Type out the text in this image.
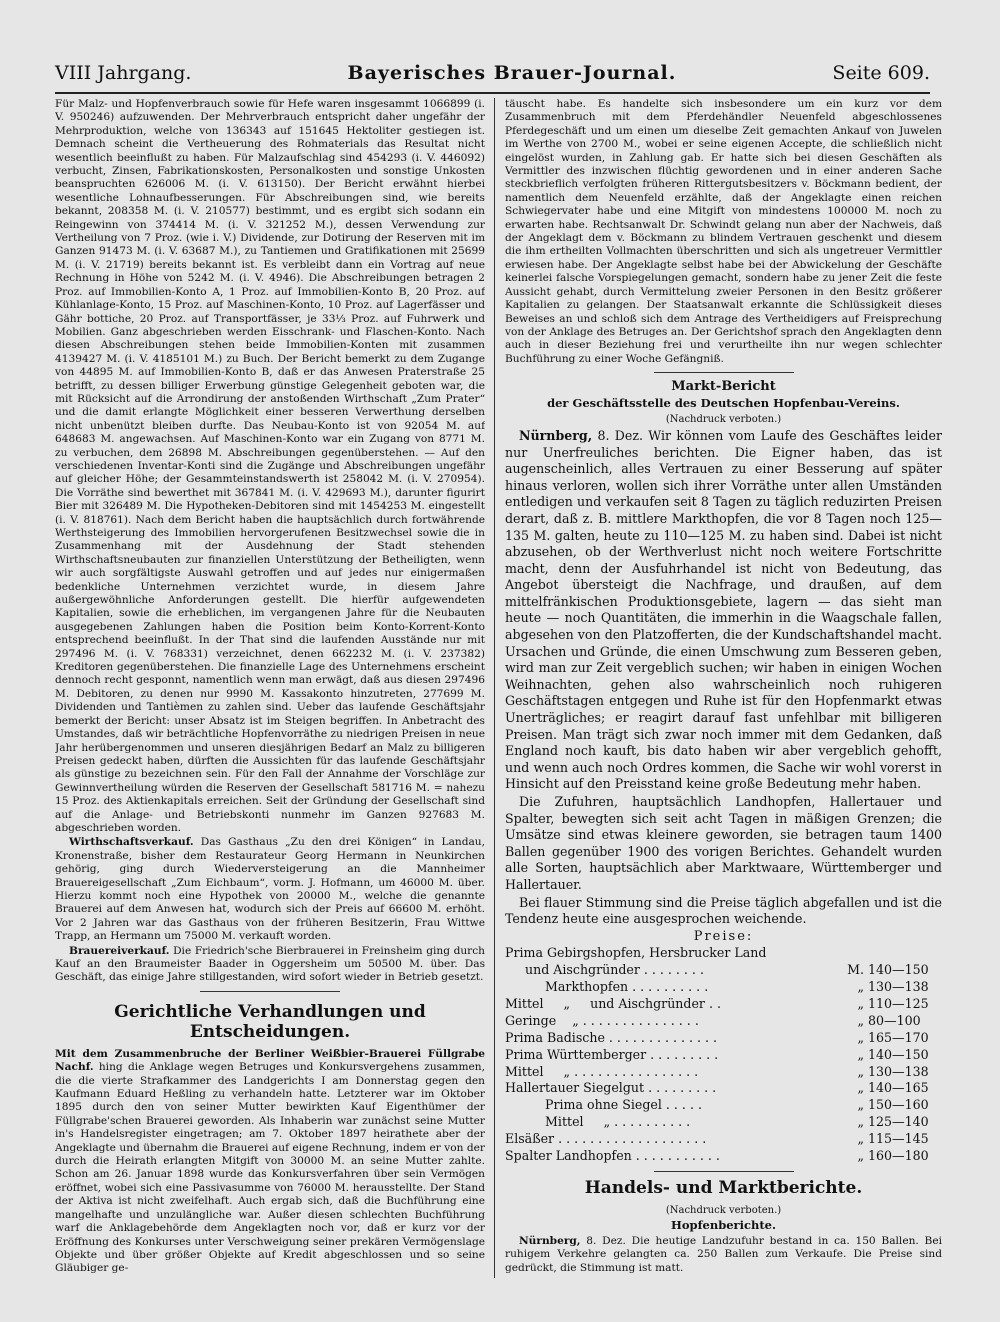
VIII Jahrgang.	Bayerisches Brauer-Journal.	Seite 609.

Für Malz- und Hopfenverbrauch sowie für Hefe waren insgesammt 1066899 (i. V. 950246) aufzuwenden. Der Mehrverbrauch entspricht daher ungefähr der Mehrproduktion, welche von 136343 auf 151645 Hektoliter gestiegen ist. Demnach scheint die Vertheuerung des Rohmaterials das Resultat nicht wesentlich beeinflußt zu haben. Für Malzaufschlag sind 454293 (i. V. 446092) verbucht, Zinsen, Fabrikationskosten, Personalkosten und sonstige Unkosten beanspruchten 626006 M. (i. V. 613150). Der Bericht erwähnt hierbei wesentliche Lohnaufbesserungen. Für Abschreibungen sind, wie bereits bekannt, 208358 M. (i. V. 210577) bestimmt, und es ergibt sich sodann ein Reingewinn von 374414 M. (i. V. 321252 M.), dessen Verwendung zur Vertheilung von 7 Proz. (wie i. V.) Dividende, zur Dotirung der Reserven mit im Ganzen 91473 M. (i. V. 63687 M.), zu Tantiemen und Gratifikationen mit 25699 M. (i. V. 21719) bereits bekannt ist. Es verbleibt dann ein Vortrag auf neue Rechnung in Höhe von 5242 M. (i. V. 4946). Die Abschreibungen betragen 2 Proz. auf Immobilien-Konto A, 1 Proz. auf Immobilien-Konto B, 20 Proz. auf Kühlanlage-Konto, 15 Proz. auf Maschinen-Konto, 10 Proz. auf Lagerfässer und Gähr bottiche, 20 Proz. auf Transportfässer, je 33⅓ Proz. auf Fuhrwerk und Mobilien. Ganz abgeschrieben werden Eisschrank- und Flaschen-Konto. Nach diesen Abschreibungen stehen beide Immobilien-Konten mit zusammen 4139427 M. (i. V. 4185101 M.) zu Buch. Der Bericht bemerkt zu dem Zugange von 44895 M. auf Immobilien-Konto B, daß er das Anwesen Praterstraße 25 betrifft, zu dessen billiger Erwerbung günstige Gelegenheit geboten war, die mit Rücksicht auf die Arrondirung der anstoßenden Wirthschaft „Zum Prater“ und die damit erlangte Möglichkeit einer besseren Verwerthung derselben nicht unbenützt bleiben durfte. Das Neubau-Konto ist von 92054 M. auf 648683 M. angewachsen. Auf Maschinen-Konto war ein Zugang von 8771 M. zu verbuchen, dem 26898 M. Abschreibungen gegenüberstehen. — Auf den verschiedenen Inventar-Konti sind die Zugänge und Abschreibungen ungefähr auf gleicher Höhe; der Gesammteinstandswerth ist 258042 M. (i. V. 270954). Die Vorräthe sind bewerthet mit 367841 M. (i. V. 429693 M.), darunter figurirt Bier mit 326489 M. Die Hypotheken-Debitoren sind mit 1454253 M. eingestellt (i. V. 818761). Nach dem Bericht haben die hauptsächlich durch fortwährende Werthsteigerung des Immobilien hervorgerufenen Besitzwechsel sowie die in Zusammenhang mit der Ausdehnung der Stadt stehenden Wirthschaftsneubauten zur finanziellen Unterstützung der Betheiligten, wenn wir auch sorgfältigste Auswahl getroffen und auf jedes nur einigermaßen bedenkliche Unternehmen verzichtet wurde, in diesem Jahre außergewöhnliche Anforderungen gestellt. Die hierfür aufgewendeten Kapitalien, sowie die erheblichen, im vergangenen Jahre für die Neubauten ausgegebenen Zahlungen haben die Position beim Konto-Korrent-Konto entsprechend beeinflußt. In der That sind die laufenden Ausstände nur mit 297496 M. (i. V. 768331) verzeichnet, denen 662232 M. (i. V. 237382) Kreditoren gegenüberstehen. Die finanzielle Lage des Unternehmens erscheint dennoch recht gesponnt, namentlich wenn man erwägt, daß aus diesen 297496 M. Debitoren, zu denen nur 9990 M. Kassakonto hinzutreten, 277699 M. Dividenden und Tantièmen zu zahlen sind. Ueber das laufende Geschäftsjahr bemerkt der Bericht: unser Absatz ist im Steigen begriffen. In Anbetracht des Umstandes, daß wir beträchtliche Hopfenvorräthe zu niedrigen Preisen in neue Jahr herübergenommen und unseren diesjährigen Bedarf an Malz zu billigeren Preisen gedeckt haben, dürften die Aussichten für das laufende Geschäftsjahr als günstige zu bezeichnen sein. Für den Fall der Annahme der Vorschläge zur Gewinnvertheilung würden die Reserven der Gesellschaft 581716 M. = nahezu 15 Proz. des Aktienkapitals erreichen. Seit der Gründung der Gesellschaft sind auf die Anlage- und Betriebskonti nunmehr im Ganzen 927683 M. abgeschrieben worden.

Wirthschaftsverkauf. Das Gasthaus „Zu den drei Königen“ in Landau, Kronenstraße, bisher dem Restaurateur Georg Hermann in Neunkirchen gehörig, ging durch Wiederversteigerung an die Mannheimer Brauereigesellschaft „Zum Eichbaum“, vorm. J. Hofmann, um 46000 M. über. Hierzu kommt noch eine Hypothek von 20000 M., welche die genannte Brauerei auf dem Anwesen hat, wodurch sich der Preis auf 66600 M. erhöht. Vor 2 Jahren war das Gasthaus von der früheren Besitzerin, Frau Wittwe Trapp, an Hermann um 75000 M. verkauft worden.

Brauereiverkauf. Die Friedrich'sche Bierbrauerei in Freinsheim ging durch Kauf an den Braumeister Baader in Oggersheim um 50500 M. über. Das Geschäft, das einige Jahre stillgestanden, wird sofort wieder in Betrieb gesetzt.

Gerichtliche Verhandlungen und Entscheidungen.

Mit dem Zusammenbruche der Berliner Weißbier-Brauerei Füllgrabe Nachf. hing die Anklage wegen Betruges und Konkursvergehens zusammen, die die vierte Strafkammer des Landgerichts I am Donnerstag gegen den Kaufmann Eduard Heßling zu verhandeln hatte. Letzterer war im Oktober 1895 durch den von seiner Mutter bewirkten Kauf Eigenthümer der Füllgrabe'schen Brauerei geworden. Als Inhaberin war zunächst seine Mutter in's Handelsregister eingetragen; am 7. Oktober 1897 heirathete aber der Angeklagte und übernahm die Brauerei auf eigene Rechnung, indem er von der durch die Heirath erlangten Mitgift von 30000 M. an seine Mutter zahlte. Schon am 26. Januar 1898 wurde das Konkursverfahren über sein Vermögen eröffnet, wobei sich eine Passivasumme von 76000 M. herausstellte. Der Stand der Aktiva ist nicht zweifelhaft. Auch ergab sich, daß die Buchführung eine mangelhafte und unzulängliche war. Außer diesen schlechten Buchführung warf die Anklagebehörde dem Angeklagten noch vor, daß er kurz vor der Eröffnung des Konkurses unter Verschweigung seiner prekären Vermögenslage Objekte und über größer Objekte auf Kredit abgeschlossen und so seine Gläubiger ge-

täuscht habe. Es handelte sich insbesondere um ein kurz vor dem Zusammenbruch mit dem Pferdehändler Neuenfeld abgeschlossenes Pferdegeschäft und um einen um dieselbe Zeit gemachten Ankauf von Juwelen im Werthe von 2700 M., wobei er seine eigenen Accepte, die schließlich nicht eingelöst wurden, in Zahlung gab. Er hatte sich bei diesen Geschäften als Vermittler des inzwischen flüchtig gewordenen und in einer anderen Sache steckbrieflich verfolgten früheren Rittergutsbesitzers v. Böckmann bedient, der namentlich dem Neuenfeld erzählte, daß der Angeklagte einen reichen Schwiegervater habe und eine Mitgift von mindestens 100000 M. noch zu erwarten habe. Rechtsanwalt Dr. Schwindt gelang nun aber der Nachweis, daß der Angeklagt dem v. Böckmann zu blindem Vertrauen geschenkt und diesem die ihm ertheilten Vollmachten überschritten und sich als ungetreuer Vermittler erwiesen habe. Der Angeklagte selbst habe bei der Abwickelung der Geschäfte keinerlei falsche Vorspiegelungen gemacht, sondern habe zu jener Zeit die feste Aussicht gehabt, durch Vermittelung zweier Personen in den Besitz größerer Kapitalien zu gelangen. Der Staatsanwalt erkannte die Schlüssigkeit dieses Beweises an und schloß sich dem Antrage des Vertheidigers auf Freisprechung von der Anklage des Betruges an. Der Gerichtshof sprach den Angeklagten denn auch in dieser Beziehung frei und verurtheilte ihn nur wegen schlechter Buchführung zu einer Woche Gefängniß.

Markt-Bericht
der Geschäftsstelle des Deutschen Hopfenbau-Vereins.
(Nachdruck verboten.)

Nürnberg, 8. Dez. Wir können vom Laufe des Geschäftes leider nur Unerfreuliches berichten. Die Eigner haben, das ist augenscheinlich, alles Vertrauen zu einer Besserung auf später hinaus verloren, wollen sich ihrer Vorräthe unter allen Umständen entledigen und verkaufen seit 8 Tagen zu täglich reduzirten Preisen derart, daß z. B. mittlere Markthopfen, die vor 8 Tagen noch 125—135 M. galten, heute zu 110—125 M. zu haben sind. Dabei ist nicht abzusehen, ob der Werthverlust nicht noch weitere Fortschritte macht, denn der Ausfuhrhandel ist nicht von Bedeutung, das Angebot übersteigt die Nachfrage, und draußen, auf dem mittelfränkischen Produktionsgebiete, lagern — das sieht man heute — noch Quantitäten, die immerhin in die Waagschale fallen, abgesehen von den Platzofferten, die der Kundschaftshandel macht. Ursachen und Gründe, die einen Umschwung zum Besseren geben, wird man zur Zeit vergeblich suchen; wir haben in einigen Wochen Weihnachten, gehen also wahrscheinlich noch ruhigeren Geschäftstagen entgegen und Ruhe ist für den Hopfenmarkt etwas Unerträgliches; er reagirt darauf fast unfehlbar mit billigeren Preisen. Man trägt sich zwar noch immer mit dem Gedanken, daß England noch kauft, bis dato haben wir aber vergeblich gehofft, und wenn auch noch Ordres kommen, die Sache wir wohl vorerst in Hinsicht auf den Preisstand keine große Bedeutung mehr haben.

Die Zufuhren, hauptsächlich Landhopfen, Hallertauer und Spalter, bewegten sich seit acht Tagen in mäßigen Grenzen; die Umsätze sind etwas kleinere geworden, sie betragen taum 1400 Ballen gegenüber 1900 des vorigen Berichtes. Gehandelt wurden alle Sorten, hauptsächlich aber Marktwaare, Württemberger und Hallertauer.

Bei flauer Stimmung sind die Preise täglich abgefallen und ist die Tendenz heute eine ausgesprochen weichende.

Preise:
Prima Gebirgshopfen, Hersbrucker Land		
und Aischgründer . . . . . . . .	M.	140—150
Markthopfen . . . . . . . . . .	„	130—138
Mittel     „     und Aischgründer . .	„	110—125
Geringe    „ . . . . . . . . . . . . . . .	„	80—100
Prima Badische . . . . . . . . . . . . . .	„	165—170
Prima Württemberger . . . . . . . . .	„	140—150
Mittel     „ . . . . . . . . . . . . . . . .	„	130—138
Hallertauer Siegelgut . . . . . . . . .	„	140—165
Prima ohne Siegel . . . . .	„	150—160
Mittel     „ . . . . . . . . . .	„	125—140
Elsäßer . . . . . . . . . . . . . . . . . . .	„	115—145
Spalter Landhopfen . . . . . . . . . . .	„	160—180
Handels- und Marktberichte.
(Nachdruck verboten.)
Hopfenberichte.

Nürnberg, 8. Dez. Die heutige Landzufuhr bestand in ca. 150 Ballen. Bei ruhigem Verkehre gelangten ca. 250 Ballen zum Verkaufe. Die Preise sind gedrückt, die Stimmung ist matt.
